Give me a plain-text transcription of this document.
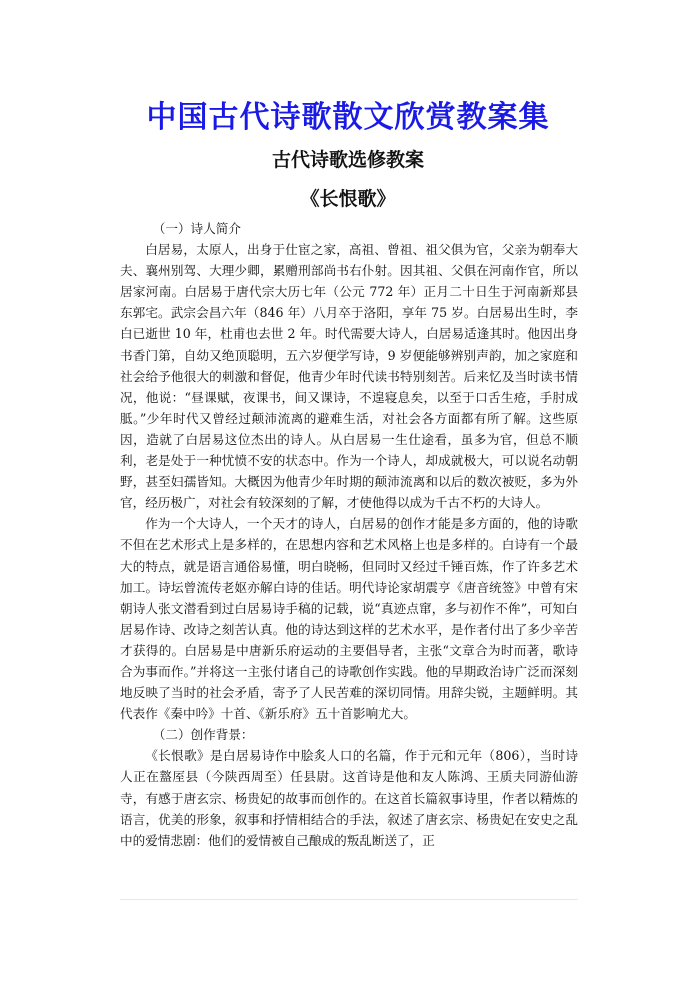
中国古代诗歌散文欣赏教案集
古代诗歌选修教案
《长恨歌》

（一）诗人简介

白居易，太原人，出身于仕宦之家，高祖、曾祖、祖父俱为官，父亲为朝奉大夫、襄州别驾、大理少卿，累赠刑部尚书右仆射。因其祖、父俱在河南作官，所以居家河南。白居易于唐代宗大历七年（公元 772 年）正月二十日生于河南新郑县东郭宅。武宗会昌六年（846 年）八月卒于洛阳，享年 75 岁。白居易出生时，李白已逝世 10 年，杜甫也去世 2 年。时代需要大诗人，白居易适逢其时。他因出身书香门第，自幼又绝顶聪明，五六岁便学写诗，9 岁便能够辨别声韵，加之家庭和社会给予他很大的刺激和督促，他青少年时代读书特别刻苦。后来忆及当时读书情况，他说：“昼课赋，夜课书，间又课诗，不遑寝息矣，以至于口舌生疮，手肘成胝。”少年时代又曾经过颠沛流离的避难生活，对社会各方面都有所了解。这些原因，造就了白居易这位杰出的诗人。从白居易一生仕途看，虽多为官，但总不顺利，老是处于一种忧愤不安的状态中。作为一个诗人，却成就极大，可以说名动朝野，甚至妇孺皆知。大概因为他青少年时期的颠沛流离和以后的数次被贬，多为外官，经历极广，对社会有较深刻的了解，才使他得以成为千古不朽的大诗人。

作为一个大诗人，一个天才的诗人，白居易的创作才能是多方面的，他的诗歌不但在艺术形式上是多样的，在思想内容和艺术风格上也是多样的。白诗有一个最大的特点，就是语言通俗易懂，明白晓畅，但同时又经过千锤百炼，作了许多艺术加工。诗坛曾流传老妪亦解白诗的佳话。明代诗论家胡震亨《唐音统签》中曾有宋朝诗人张文潜看到过白居易诗手稿的记载，说“真迹点窜，多与初作不侔”，可知白居易作诗、改诗之刻苦认真。他的诗达到这样的艺术水平，是作者付出了多少辛苦才获得的。白居易是中唐新乐府运动的主要倡导者，主张“文章合为时而著，歌诗合为事而作。”并将这一主张付诸自己的诗歌创作实践。他的早期政治诗广泛而深刻地反映了当时的社会矛盾，寄予了人民苦难的深切同情。用辞尖锐，主题鲜明。其代表作《秦中吟》十首、《新乐府》五十首影响尤大。

（二）创作背景：

《长恨歌》是白居易诗作中脍炙人口的名篇，作于元和元年（806），当时诗人正在盩厔县（今陕西周至）任县尉。这首诗是他和友人陈鸿、王质夫同游仙游寺，有感于唐玄宗、杨贵妃的故事而创作的。在这首长篇叙事诗里，作者以精炼的语言，优美的形象，叙事和抒情相结合的手法，叙述了唐玄宗、杨贵妃在安史之乱中的爱情悲剧：他们的爱情被自己酿成的叛乱断送了，正
